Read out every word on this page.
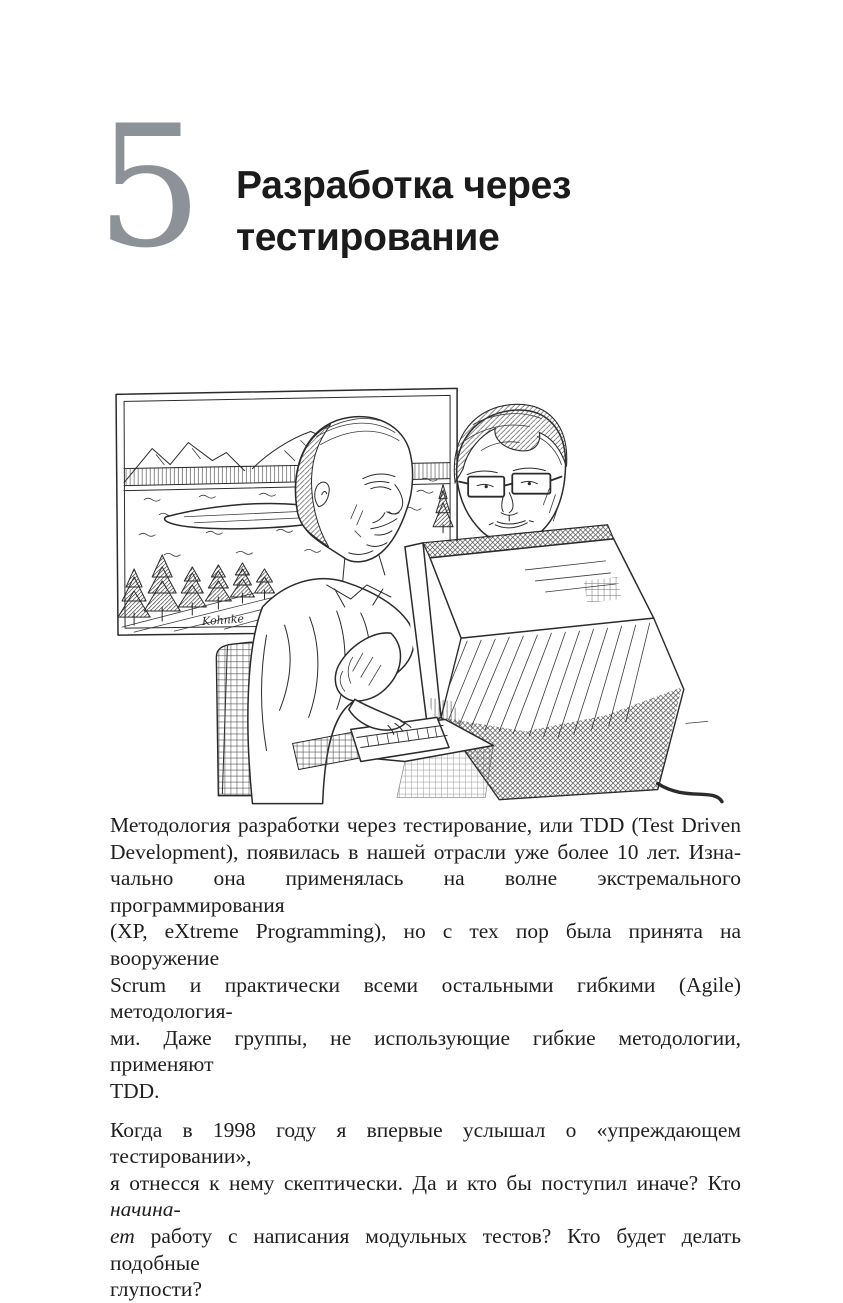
5 Разработка через тестирование
Kohnke
Методология разработки через тестирование, или TDD (Test Driven
Development), появилась в нашей отрасли уже более 10 лет. Изна-
чально она применялась на волне экстремального программирования
(XP, eXtreme Programming), но с тех пор была принята на вооружение
Scrum и практически всеми остальными гибкими (Agile) методология-
ми. Даже группы, не использующие гибкие методологии, применяют
TDD.
Когда в 1998 году я впервые услышал о «упреждающем тестировании»,
я отнесся к нему скептически. Да и кто бы поступил иначе? Кто начина-
ет работу с написания модульных тестов? Кто будет делать подобные
глупости?
